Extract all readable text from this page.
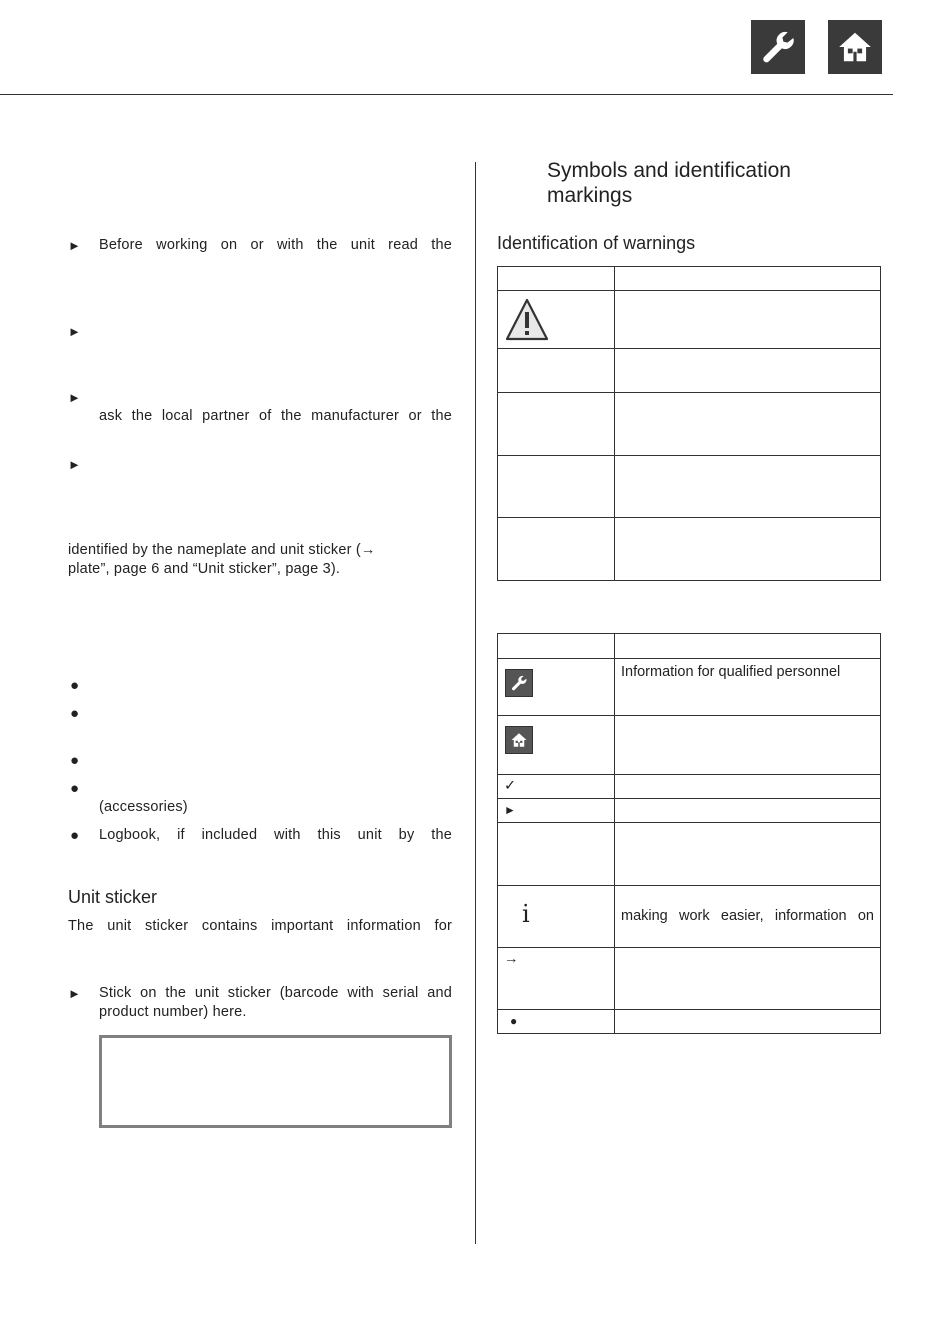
► Before working on or with the unit read the
►
►
ask the local partner of the manufacturer or the
►
identified by the nameplate and unit sticker (→
plate”, page 6 and “Unit sticker”, page 3).
●
●
●
●
(accessories)
● Logbook, if included with this unit by the
Unit sticker
The unit sticker contains important information for
► Stick on the unit sticker (barcode with serial and
product number) here.
Symbols and identification
markings
Identification of warnings

	Information for qualified personnel

✓	
►	

i	making work easier, information on
→	
●	
